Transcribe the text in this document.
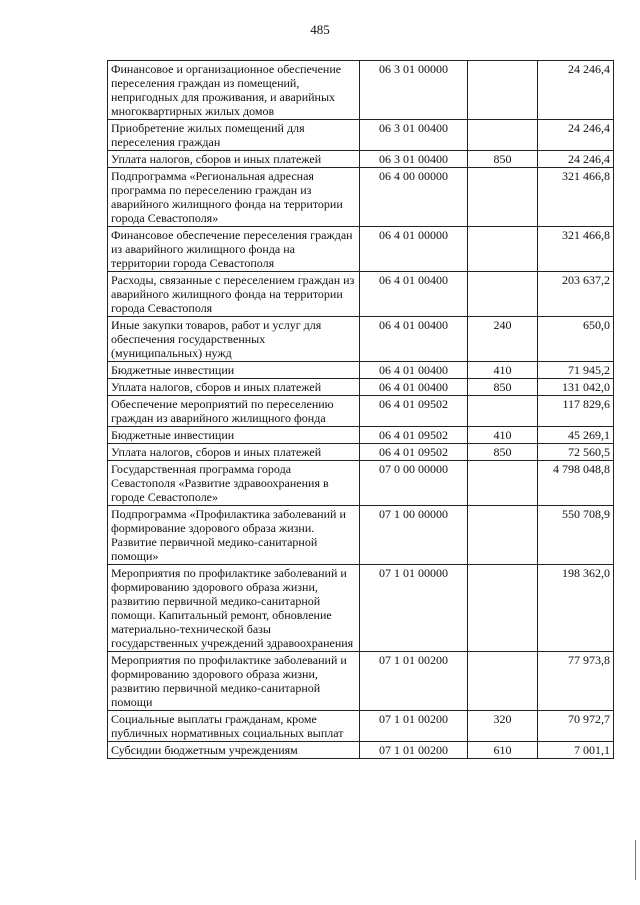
485
Финансовое и организационное обеспечение переселения граждан из помещений, непригодных для проживания, и аварийных многоквартирных жилых домов	06 3 01 00000		24 246,4
Приобретение жилых помещений для переселения граждан	06 3 01 00400		24 246,4
Уплата налогов, сборов и иных платежей	06 3 01 00400	850	24 246,4
Подпрограмма «Региональная адресная программа по переселению граждан из аварийного жилищного фонда на территории города Севастополя»	06 4 00 00000		321 466,8
Финансовое обеспечение переселения граждан из аварийного жилищного фонда на территории города Севастополя	06 4 01 00000		321 466,8
Расходы, связанные с переселением граждан из аварийного жилищного фонда на территории города Севастополя	06 4 01 00400		203 637,2
Иные закупки товаров, работ и услуг для обеспечения государственных (муниципальных) нужд	06 4 01 00400	240	650,0
Бюджетные инвестиции	06 4 01 00400	410	71 945,2
Уплата налогов, сборов и иных платежей	06 4 01 00400	850	131 042,0
Обеспечение мероприятий по переселению граждан из аварийного жилищного фонда	06 4 01 09502		117 829,6
Бюджетные инвестиции	06 4 01 09502	410	45 269,1
Уплата налогов, сборов и иных платежей	06 4 01 09502	850	72 560,5
Государственная программа города Севастополя «Развитие здравоохранения в городе Севастополе»	07 0 00 00000		4 798 048,8
Подпрограмма «Профилактика заболеваний и формирование здорового образа жизни. Развитие первичной медико-санитарной помощи»	07 1 00 00000		550 708,9
Мероприятия по профилактике заболеваний и формированию здорового образа жизни, развитию первичной медико-санитарной помощи. Капитальный ремонт, обновление материально-технической базы государственных учреждений здравоохранения	07 1 01 00000		198 362,0
Мероприятия по профилактике заболеваний и формированию здорового образа жизни, развитию первичной медико-санитарной помощи	07 1 01 00200		77 973,8
Социальные выплаты гражданам, кроме публичных нормативных социальных выплат	07 1 01 00200	320	70 972,7
Субсидии бюджетным учреждениям	07 1 01 00200	610	7 001,1
